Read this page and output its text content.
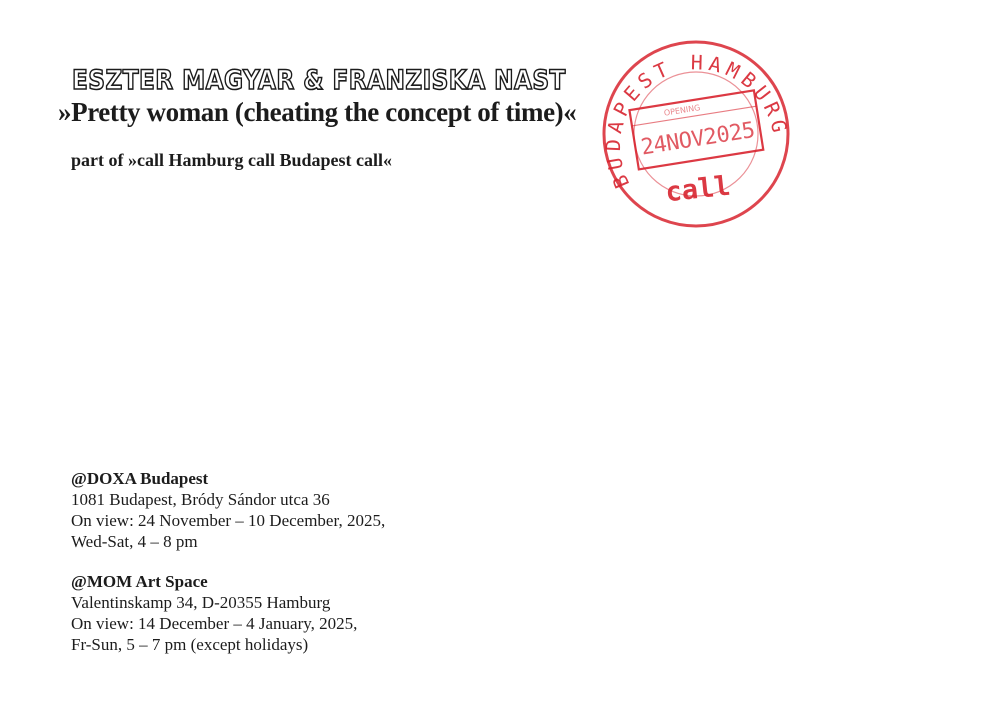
ESZTER MAGYAR & FRANZISKA NAST
»Pretty woman (cheating the concept of time)«
part of »call Hamburg call Budapest call«
BUDAPEST HAMBURG
OPENING
24NOV2025
call
@DOXA Budapest
1081 Budapest, Bródy Sándor utca 36
On view: 24 November – 10 December, 2025,
Wed-Sat, 4 – 8 pm
@MOM Art Space
Valentinskamp 34, D-20355 Hamburg
On view: 14 December – 4 January, 2025,
Fr-Sun, 5 – 7 pm (except holidays)
